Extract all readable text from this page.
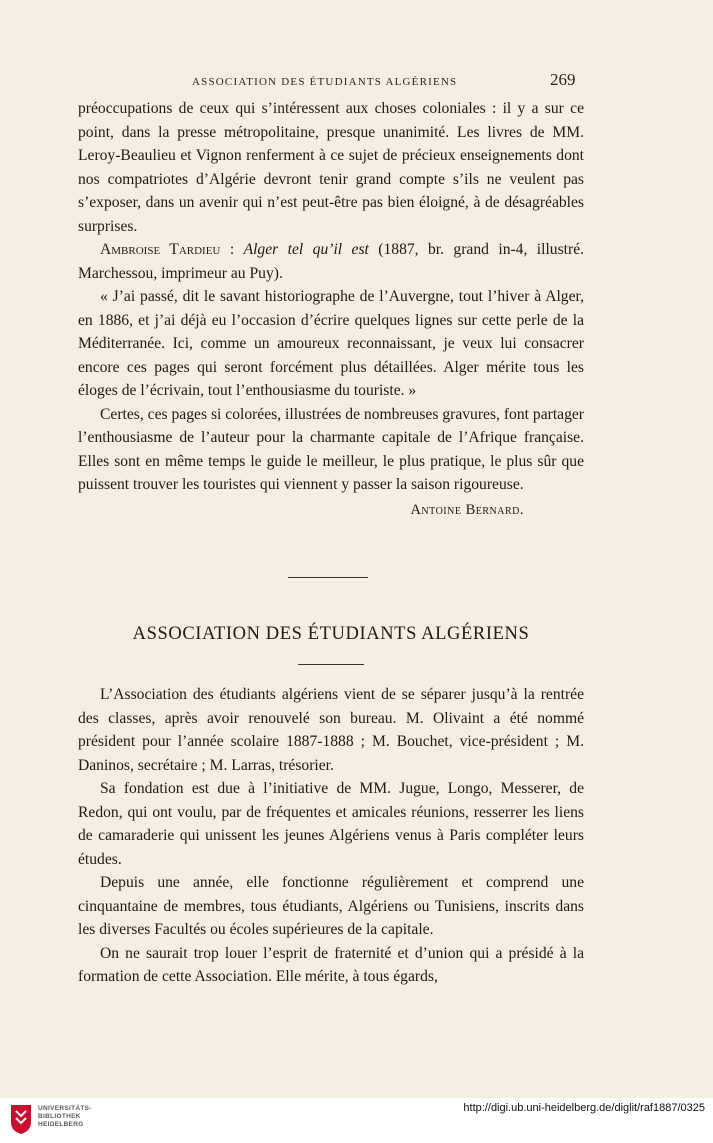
ASSOCIATION DES ÉTUDIANTS ALGÉRIENS	269

préoccupations de ceux qui s’intéressent aux choses coloniales : il y a sur ce point, dans la presse métropolitaine, presque unanimité. Les livres de MM. Leroy-Beaulieu et Vignon renferment à ce sujet de précieux enseignements dont nos compatriotes d’Algérie devront tenir grand compte s’ils ne veulent pas s’exposer, dans un avenir qui n’est peut-être pas bien éloigné, à de désagréables surprises.

Ambroise Tardieu : Alger tel qu’il est (1887, br. grand in-4, illustré. Marchessou, imprimeur au Puy).

« J’ai passé, dit le savant historiographe de l’Auvergne, tout l’hiver à Alger, en 1886, et j’ai déjà eu l’occasion d’écrire quelques lignes sur cette perle de la Méditerranée. Ici, comme un amoureux reconnaissant, je veux lui consacrer encore ces pages qui seront forcément plus détaillées. Alger mérite tous les éloges de l’écrivain, tout l’enthousiasme du touriste. »

Certes, ces pages si colorées, illustrées de nombreuses gravures, font partager l’enthousiasme de l’auteur pour la charmante capitale de l’Afrique française. Elles sont en même temps le guide le meilleur, le plus pratique, le plus sûr que puissent trouver les touristes qui viennent y passer la saison rigoureuse.

Antoine Bernard.

ASSOCIATION DES ÉTUDIANTS ALGÉRIENS

L’Association des étudiants algériens vient de se séparer jusqu’à la rentrée des classes, après avoir renouvelé son bureau. M. Olivaint a été nommé président pour l’année scolaire 1887-1888 ; M. Bouchet, vice-président ; M. Daninos, secrétaire ; M. Larras, trésorier.

Sa fondation est due à l’initiative de MM. Jugue, Longo, Messerer, de Redon, qui ont voulu, par de fréquentes et amicales réunions, resserrer les liens de camaraderie qui unissent les jeunes Algériens venus à Paris compléter leurs études.

Depuis une année, elle fonctionne régulièrement et comprend une cinquantaine de membres, tous étudiants, Algériens ou Tunisiens, inscrits dans les diverses Facultés ou écoles supérieures de la capitale.

On ne saurait trop louer l’esprit de fraternité et d’union qui a présidé à la formation de cette Association. Elle mérite, à tous égards,

UNIVERSITÄTS-
BIBLIOTHEK
HEIDELBERG
http://digi.ub.uni-heidelberg.de/diglit/raf1887/0325
